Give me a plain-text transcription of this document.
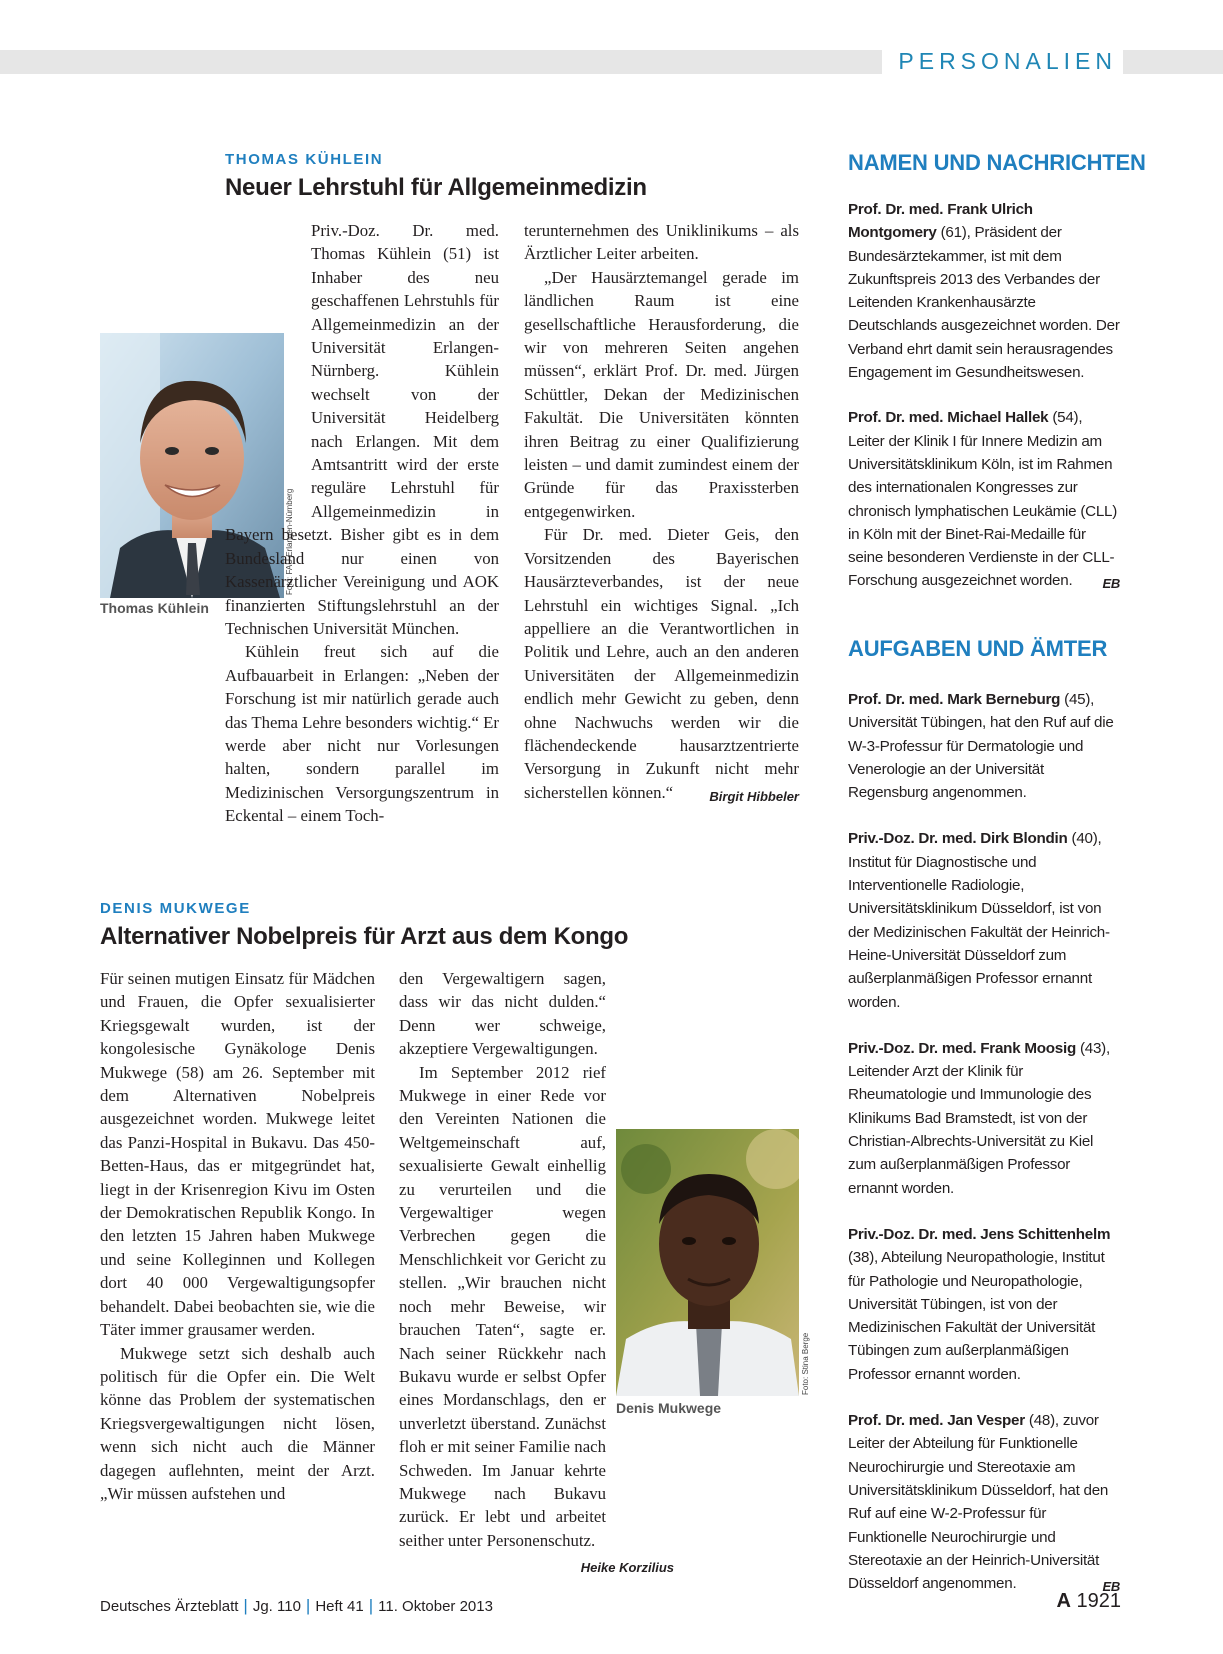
PERSONALIEN
THOMAS KÜHLEIN
Neuer Lehrstuhl für Allgemeinmedizin
Foto: FAU Erlangen-Nürnberg
Thomas Kühlein

Priv.-Doz. Dr. med. Thomas Kühlein (51) ist Inhaber des neu geschaffenen Lehrstuhls für Allgemeinmedizin an der Universität Erlangen-Nürnberg. Kühlein wechselt von der Universität Heidelberg nach Erlangen. Mit dem Amtsantritt wird der erste reguläre Lehrstuhl für Allgemeinmedizin in Bayern besetzt. Bisher gibt es in dem Bundesland nur einen von Kassenärztlicher Vereinigung und AOK finanzierten Stiftungslehrstuhl an der Technischen Universität München.

Kühlein freut sich auf die Aufbauarbeit in Erlangen: „Neben der Forschung ist mir natürlich gerade auch das Thema Lehre besonders wichtig.“ Er werde aber nicht nur Vorlesungen halten, sondern parallel im Medizinischen Versorgungszentrum in Eckental – einem Toch-

terunternehmen des Uniklinikums – als Ärztlicher Leiter arbeiten.

„Der Hausärztemangel gerade im ländlichen Raum ist eine gesellschaftliche Herausforderung, die wir von mehreren Seiten angehen müssen“, erklärt Prof. Dr. med. Jürgen Schüttler, Dekan der Medizinischen Fakultät. Die Universitäten könnten ihren Beitrag zu einer Qualifizierung leisten – und damit zumindest einem der Gründe für das Praxissterben entgegenwirken.

Für Dr. med. Dieter Geis, den Vorsitzenden des Bayerischen Hausärzteverbandes, ist der neue Lehrstuhl ein wichtiges Signal. „Ich appelliere an die Verantwortlichen in Politik und Lehre, auch an den anderen Universitäten der Allgemeinmedizin endlich mehr Gewicht zu geben, denn ohne Nachwuchs werden wir die flächendeckende hausarztzentrierte Versorgung in Zukunft nicht mehr sicherstellen können.“	Birgit Hibbeler

DENIS MUKWEGE
Alternativer Nobelpreis für Arzt aus dem Kongo

Für seinen mutigen Einsatz für Mädchen und Frauen, die Opfer sexualisierter Kriegsgewalt wurden, ist der kongolesische Gynäkologe Denis Mukwege (58) am 26. September mit dem Alternativen Nobelpreis ausgezeichnet worden. Mukwege leitet das Panzi-Hospital in Bukavu. Das 450-Betten-Haus, das er mitgegründet hat, liegt in der Krisenregion Kivu im Osten der Demokratischen Republik Kongo. In den letzten 15 Jahren haben Mukwege und seine Kolleginnen und Kollegen dort 40 000 Vergewaltigungsopfer behandelt. Dabei beobachten sie, wie die Täter immer grausamer werden.

Mukwege setzt sich deshalb auch politisch für die Opfer ein. Die Welt könne das Problem der systematischen Kriegsvergewaltigungen nicht lösen, wenn sich nicht auch die Männer dagegen auflehnten, meint der Arzt. „Wir müssen aufstehen und

Foto: Stina Berge

den Vergewaltigern sagen, dass wir das nicht dulden.“ Denn wer schweige, akzeptiere Vergewaltigungen.

Im September 2012 rief Mukwege in einer Rede vor den Vereinten Nationen die Weltgemeinschaft auf, sexualisierte Gewalt einhellig zu verurteilen und die Vergewaltiger wegen Verbrechen gegen die Menschlichkeit vor Gericht zu stellen. „Wir brauchen nicht noch mehr Beweise, wir brauchen Taten“, sagte er. Nach seiner Rückkehr nach Bukavu wurde er selbst Opfer eines Mordanschlags, den er unverletzt überstand. Zunächst floh er mit seiner Familie nach Schweden. Im Januar kehrte Mukwege nach Bukavu zurück. Er lebt und arbeitet seither unter Personenschutz.
Heike Korzilius

Denis Mukwege
NAMEN UND NACHRICHTEN

Prof. Dr. med. Frank Ulrich Montgomery (61), Präsident der Bundesärztekammer, ist mit dem Zukunftspreis 2013 des Verbandes der Leitenden Krankenhausärzte Deutschlands ausgezeichnet worden. Der Verband ehrt damit sein herausragendes Engagement im Gesundheitswesen.

Prof. Dr. med. Michael Hallek (54), Leiter der Klinik I für Innere Medizin am Universitätsklinikum Köln, ist im Rahmen des internationalen Kongresses zur chronisch lymphatischen Leukämie (CLL) in Köln mit der Binet-Rai-Medaille für seine besonderen Verdienste in der CLL-Forschung ausgezeichnet worden. EB

AUFGABEN UND ÄMTER

Prof. Dr. med. Mark Berneburg (45), Universität Tübingen, hat den Ruf auf die W-3-Professur für Dermatologie und Venerologie an der Universität Regensburg angenommen.

Priv.-Doz. Dr. med. Dirk Blondin (40), Institut für Diagnostische und Interventionelle Radiologie, Universitätsklinikum Düsseldorf, ist von der Medizinischen Fakultät der Heinrich-Heine-Universität Düsseldorf zum außerplanmäßigen Professor ernannt worden.

Priv.-Doz. Dr. med. Frank Moosig (43), Leitender Arzt der Klinik für Rheumatologie und Immunologie des Klinikums Bad Bramstedt, ist von der Christian-Albrechts-Universität zu Kiel zum außerplanmäßigen Professor ernannt worden.

Priv.-Doz. Dr. med. Jens Schittenhelm (38), Abteilung Neuropathologie, Institut für Pathologie und Neuropathologie, Universität Tübingen, ist von der Medizinischen Fakultät der Universität Tübingen zum außerplanmäßigen Professor ernannt worden.

Prof. Dr. med. Jan Vesper (48), zuvor Leiter der Abteilung für Funktionelle Neurochirurgie und Stereotaxie am Universitätsklinikum Düsseldorf, hat den Ruf auf eine W-2-Professur für Funktionelle Neurochirurgie und Stereotaxie an der Heinrich-Universität Düsseldorf angenommen.	EB

Deutsches Ärzteblatt | Jg. 110 | Heft 41 | 11. Oktober 2013	A 1921
